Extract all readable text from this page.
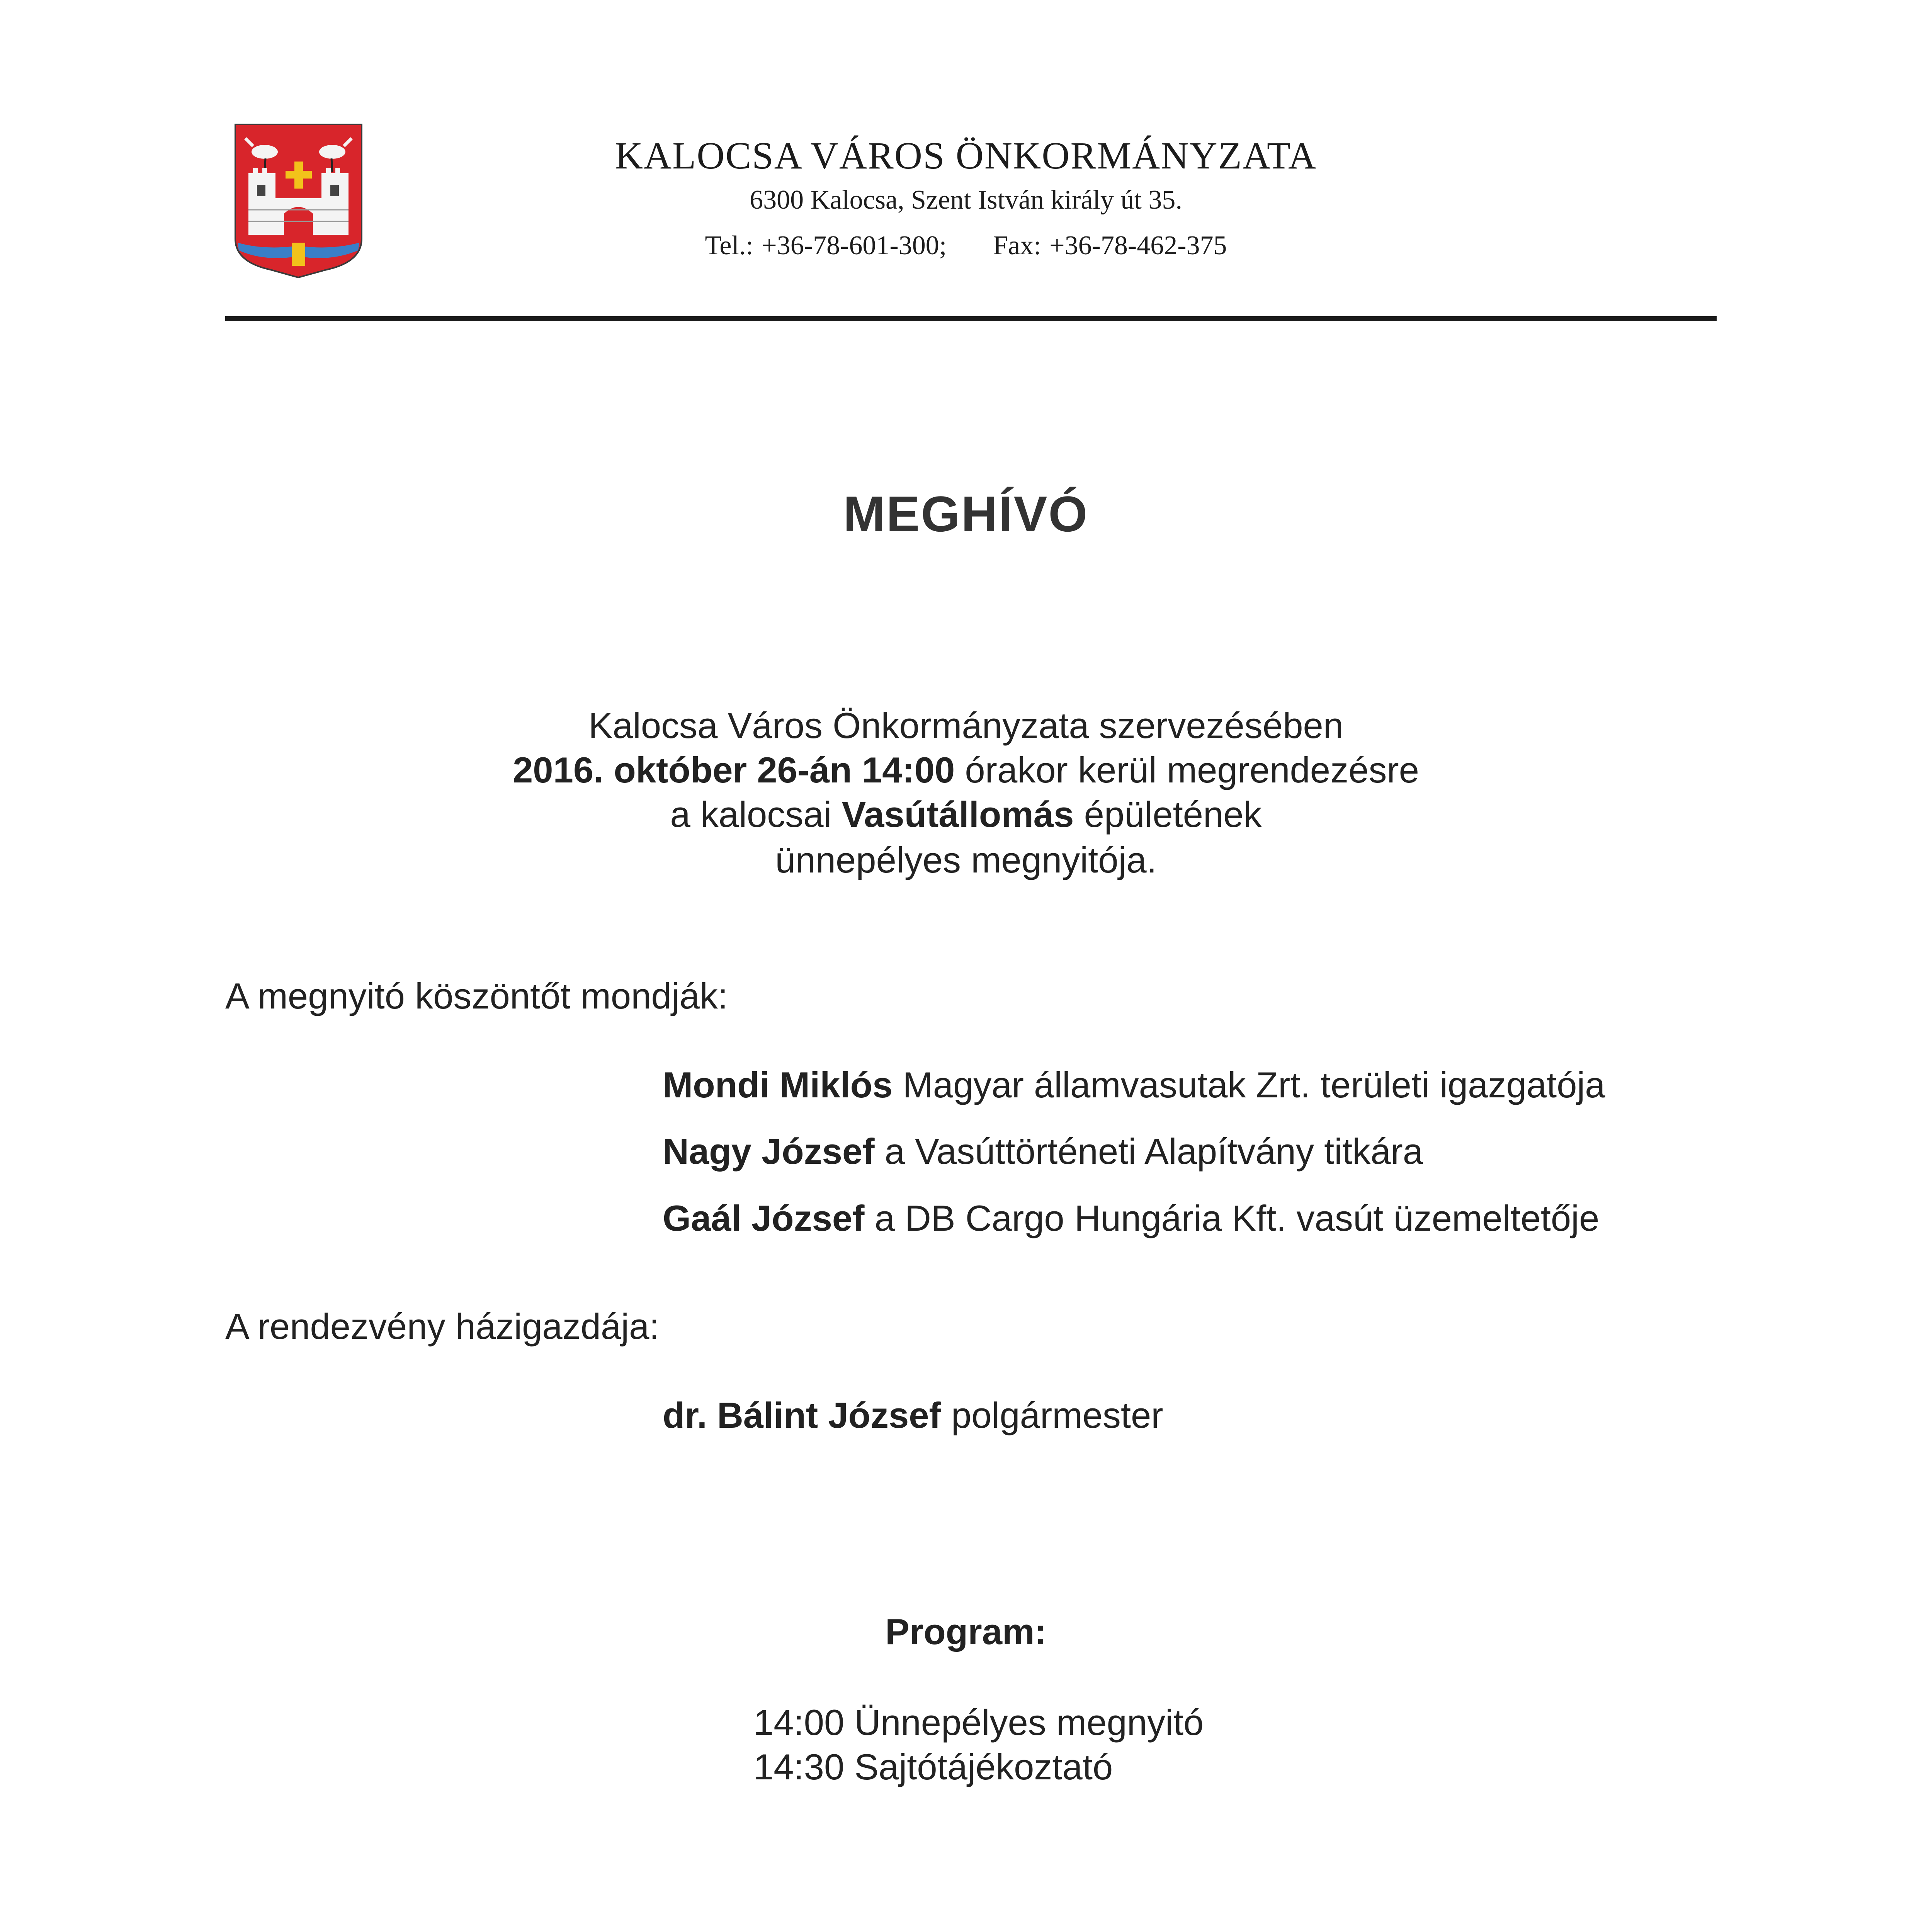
KALOCSA VÁROS ÖNKORMÁNYZATA
6300 Kalocsa, Szent István király út 35.
Tel.: +36-78-601-300; Fax: +36-78-462-375
MEGHÍVÓ
Kalocsa Város Önkormányzata szervezésében
2016. október 26-án 14:00 órakor kerül megrendezésre
a kalocsai Vasútállomás épületének
ünnepélyes megnyitója.
A megnyitó köszöntőt mondják:
Mondi Miklós Magyar államvasutak Zrt. területi igazgatója
Nagy József a Vasúttörténeti Alapítvány titkára
Gaál József a DB Cargo Hungária Kft. vasút üzemeltetője
A rendezvény házigazdája:
dr. Bálint József polgármester
Program:
14:00 Ünnepélyes megnyitó
14:30 Sajtótájékoztató
